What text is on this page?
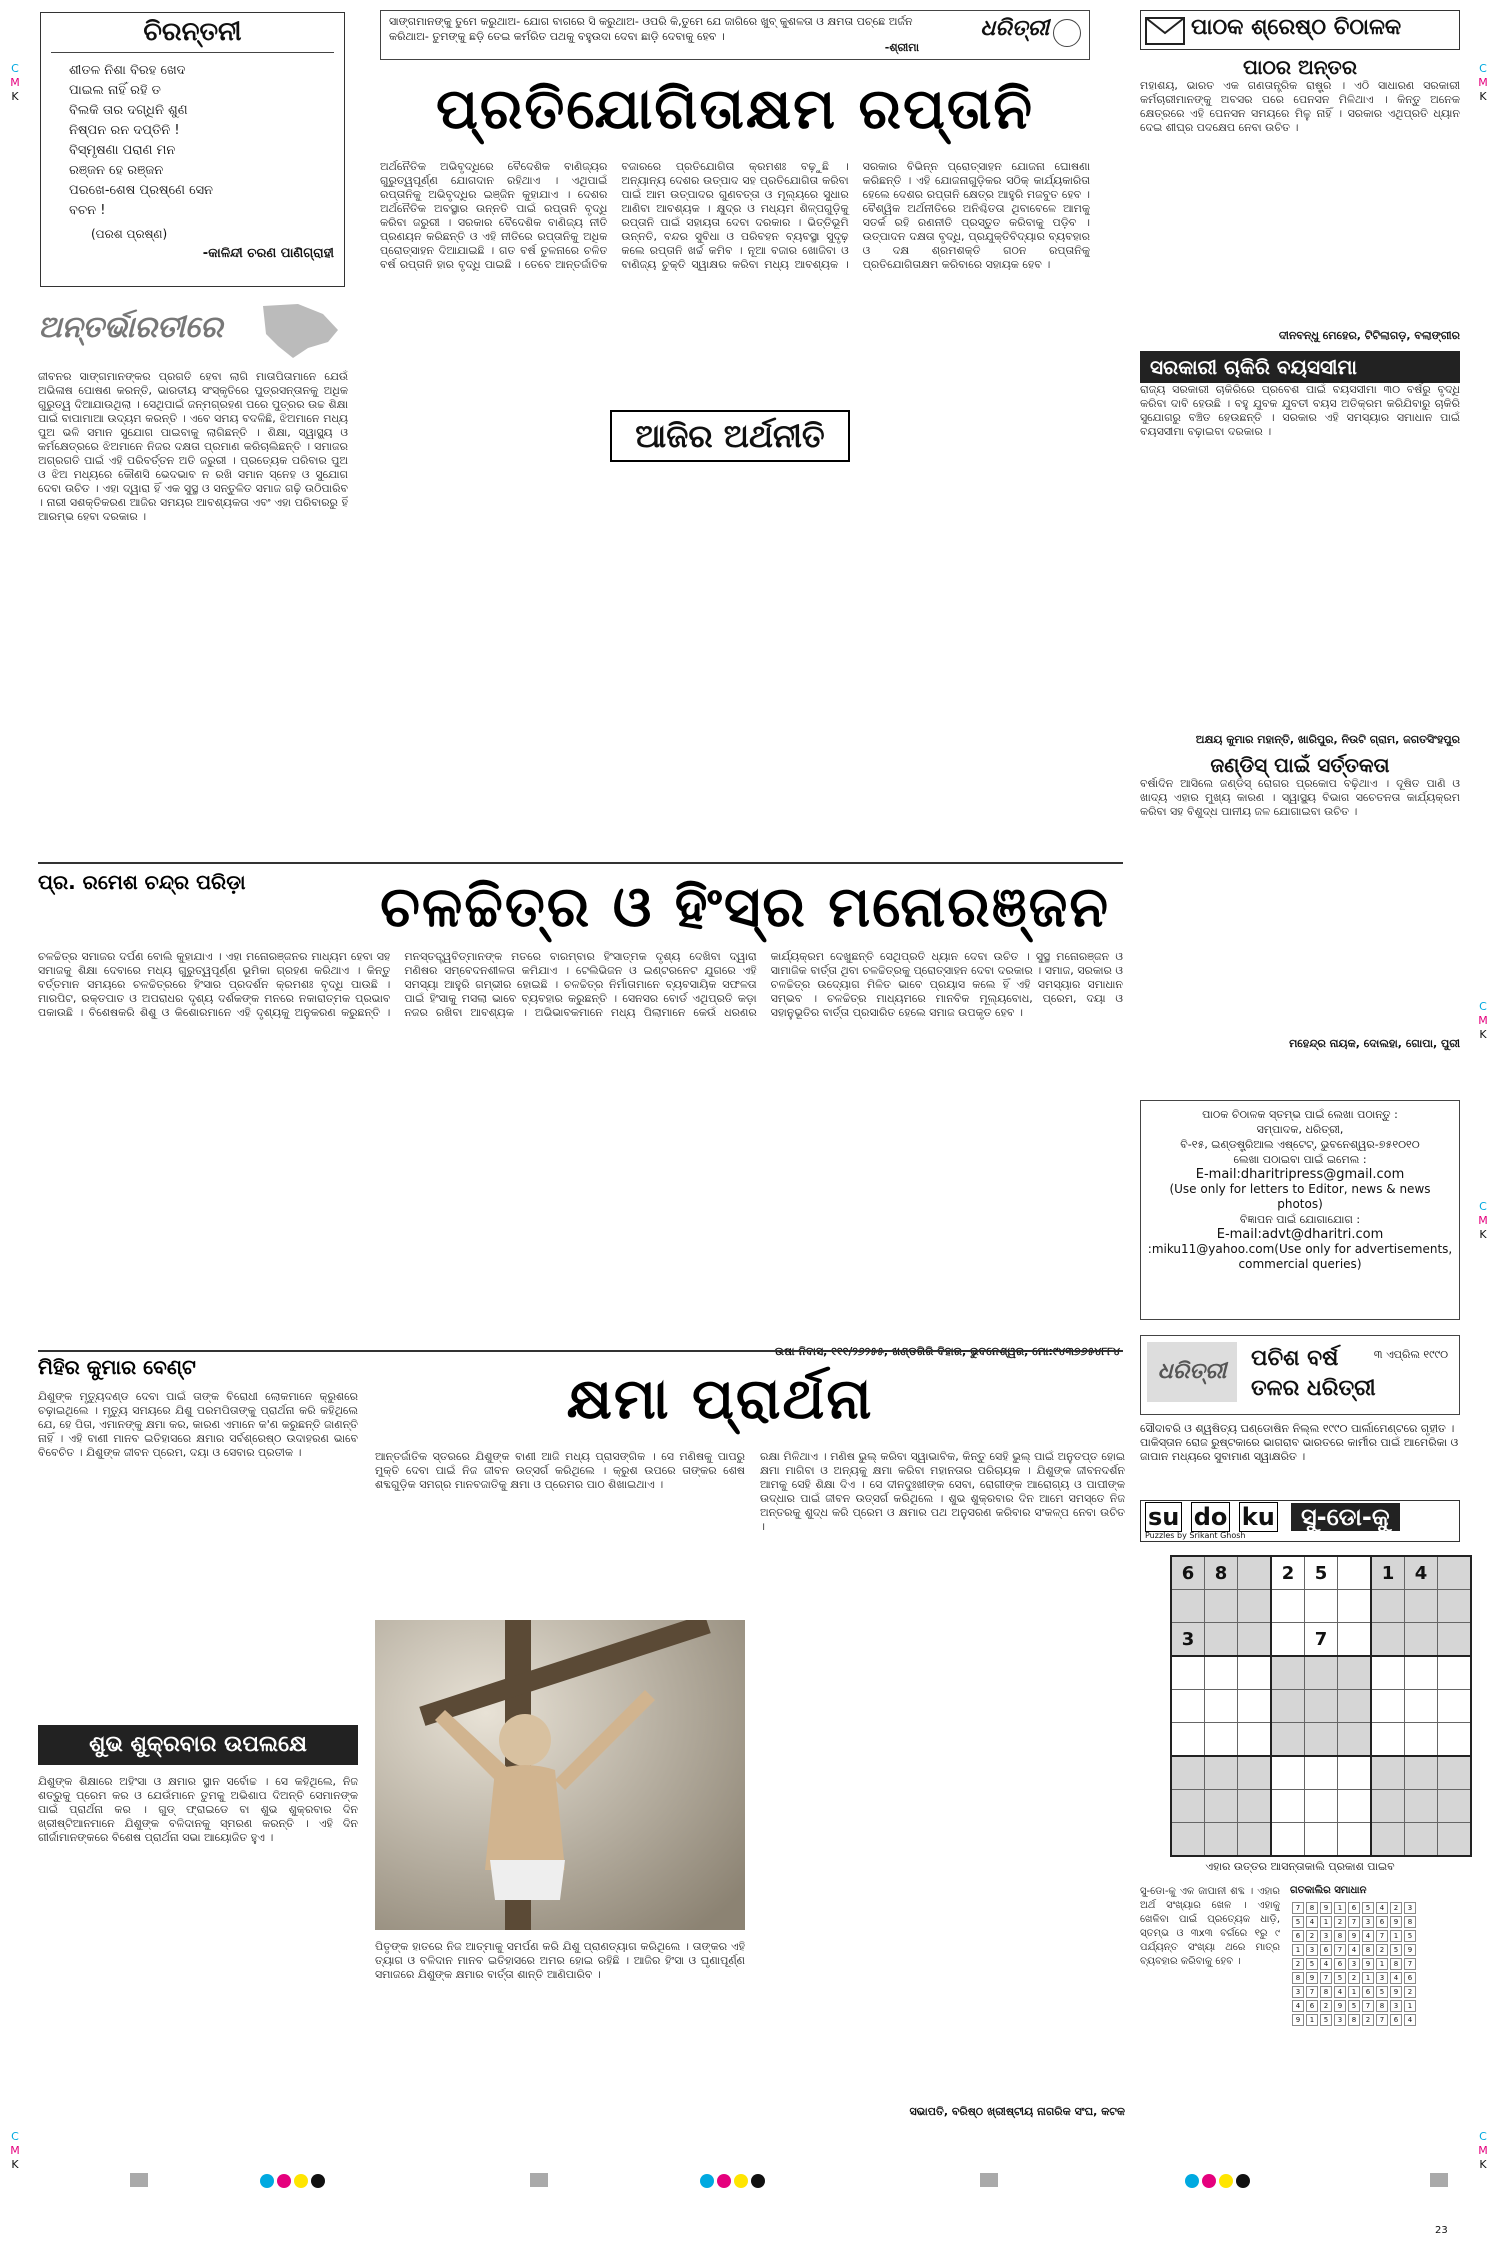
C
M
K
C
M
K
C
M
K
C
M
K
C
M
K
C
M
K
ଚିରନ୍ତନୀ
ଶୀତଳ ନିଶା ବିରହ ଖେଦ
ପାଇଲ ନାହିଁ ରହି ତ
ବିଲକି ତାର ଦଗ୍ଧିନି ଶୁଣ
ନିଷ୍ପନ ରନ ଦପ୍ତିନି !
ବିସ୍ମୃଷଣା ପରାଣ ମନ
ରଞ୍ଜନ ହେ ରଞ୍ଜନ
ପରଖେ-ଶେଷ ପ୍ରଷ୍ଣେ ସେନ
ବଚନ !
(ପରଶ ପ୍ରଷ୍ଣ)
-କାଳିନ୍ଦୀ ଚରଣ ପାଣିଗ୍ରାହୀ
ଅନ୍ତର୍ଭାରତୀରେ
ଜୀବନର ସାଙ୍ଗମାନଙ୍କର ପ୍ରଗତି ହେବା ଲାଗି ମାତାପିତାମାନେ ଯେଉଁ ଅଭିଳାଷ ପୋଷଣ କରନ୍ତି, ଭାରତୀୟ ସଂସ୍କୃତିରେ ପୁତ୍ରସନ୍ତାନକୁ ଅଧିକ ଗୁରୁତ୍ୱ ଦିଆଯାଉଥିଲା । ସେଥିପାଇଁ ଜନ୍ମଗ୍ରହଣ ପରେ ପୁତ୍ରର ଉଚ୍ଚ ଶିକ୍ଷା ପାଇଁ ବାପାମାଆ ଉଦ୍ୟମ କରନ୍ତି । ଏବେ ସମୟ ବଦଳିଛି, ଝିଅମାନେ ମଧ୍ୟ ପୁଅ ଭଳି ସମାନ ସୁଯୋଗ ପାଇବାକୁ ଲାଗିଛନ୍ତି । ଶିକ୍ଷା, ସ୍ୱାସ୍ଥ୍ୟ ଓ କର୍ମକ୍ଷେତ୍ରରେ ଝିଅମାନେ ନିଜର ଦକ୍ଷତା ପ୍ରମାଣ କରିଚାଲିଛନ୍ତି । ସମାଜର ଅଗ୍ରଗତି ପାଇଁ ଏହି ପରିବର୍ତ୍ତନ ଅତି ଜରୁରୀ । ପ୍ରତ୍ୟେକ ପରିବାର ପୁଅ ଓ ଝିଅ ମଧ୍ୟରେ କୌଣସି ଭେଦଭାବ ନ ରଖି ସମାନ ସ୍ନେହ ଓ ସୁଯୋଗ ଦେବା ଉଚିତ । ଏହା ଦ୍ୱାରା ହିଁ ଏକ ସୁସ୍ଥ ଓ ସନ୍ତୁଳିତ ସମାଜ ଗଢ଼ି ଉଠିପାରିବ । ନାରୀ ସଶକ୍ତିକରଣ ଆଜିର ସମୟର ଆବଶ୍ୟକତା ଏବଂ ଏହା ପରିବାରରୁ ହିଁ ଆରମ୍ଭ ହେବା ଦରକାର ।
ସାଙ୍ଗମାନଙ୍କୁ ତୁମେ କରୁଥାଅ- ଯୋଗ ବାଗରେ ସି କରୁଥାଅ- ଓପରି କି,ତୁମେ ଯେ ଜାଗିରେ ଖୁବ୍ କୁଶଳତା ଓ କ୍ଷମତା ପଚ୍ଛେ ଅର୍ଜନ କରିଥାଅ- ତୁମଙ୍କୁ ଛଡ଼ି ତେଇ କର୍ମରିତ ପଥକୁ ବହୁଉଦା ଦେବା ଛାଡ଼ି ଦେବାକୁ ହେବ ।
-ଶ୍ରୀମା
ଧରିତ୍ରୀ
ପ୍ରତିଯୋଗିତାକ୍ଷମ ରପ୍ତାନି
ଅର୍ଥନୈତିକ ଅଭିବୃଦ୍ଧିରେ ବୈଦେଶିକ ବାଣିଜ୍ୟର ଗୁରୁତ୍ୱପୂର୍ଣ୍ଣ ଯୋଗଦାନ ରହିଥାଏ । ଏଥିପାଇଁ ରପ୍ତାନିକୁ ଅଭିବୃଦ୍ଧିର ଇଞ୍ଜିନ କୁହାଯାଏ । ଦେଶର ଅର୍ଥନୈତିକ ଅବସ୍ଥାର ଉନ୍ନତି ପାଇଁ ରପ୍ତାନି ବୃଦ୍ଧି କରିବା ଜରୁରୀ । ସରକାର ବୈଦେଶିକ ବାଣିଜ୍ୟ ନୀତି ପ୍ରଣୟନ କରିଛନ୍ତି ଓ ଏହି ନୀତିରେ ରପ୍ତାନିକୁ ଅଧିକ ପ୍ରୋତ୍ସାହନ ଦିଆଯାଇଛି । ଗତ ବର୍ଷ ତୁଳନାରେ ଚଳିତ ବର୍ଷ ରପ୍ତାନି ହାର ବୃଦ୍ଧି ପାଇଛି । ତେବେ ଆନ୍ତର୍ଜାତିକ ବଜାରରେ ପ୍ରତିଯୋଗିତା କ୍ରମଶଃ ବଢ଼ୁଛି । ଅନ୍ୟାନ୍ୟ ଦେଶର ଉତ୍ପାଦ ସହ ପ୍ରତିଯୋଗିତା କରିବା ପାଇଁ ଆମ ଉତ୍ପାଦର ଗୁଣବତ୍ତା ଓ ମୂଲ୍ୟରେ ସୁଧାର ଆଣିବା ଆବଶ୍ୟକ । କ୍ଷୁଦ୍ର ଓ ମଧ୍ୟମ ଶିଳ୍ପଗୁଡ଼ିକୁ ରପ୍ତାନି ପାଇଁ ସହାୟତା ଦେବା ଦରକାର । ଭିତ୍ତିଭୂମି ଉନ୍ନତି, ବନ୍ଦର ସୁବିଧା ଓ ପରିବହନ ବ୍ୟବସ୍ଥା ସୁଦୃଢ଼ କଲେ ରପ୍ତାନି ଖର୍ଚ୍ଚ କମିବ । ନୂଆ ବଜାର ଖୋଜିବା ଓ ବାଣିଜ୍ୟ ଚୁକ୍ତି ସ୍ୱାକ୍ଷର କରିବା ମଧ୍ୟ ଆବଶ୍ୟକ । ସରକାର ବିଭିନ୍ନ ପ୍ରୋତ୍ସାହନ ଯୋଜନା ଘୋଷଣା କରିଛନ୍ତି । ଏହି ଯୋଜନାଗୁଡ଼ିକର ସଠିକ୍ କାର୍ଯ୍ୟକାରିତା ହେଲେ ଦେଶର ରପ୍ତାନି କ୍ଷେତ୍ର ଆହୁରି ମଜବୁତ ହେବ । ବୈଶ୍ୱିକ ଅର୍ଥନୀତିରେ ଅନିଶ୍ଚିତତା ଥିବାବେଳେ ଆମକୁ ସତର୍କ ରହି ରଣନୀତି ପ୍ରସ୍ତୁତ କରିବାକୁ ପଡ଼ିବ । ଉତ୍ପାଦନ ଦକ୍ଷତା ବୃଦ୍ଧି, ପ୍ରଯୁକ୍ତିବିଦ୍ୟାର ବ୍ୟବହାର ଓ ଦକ୍ଷ ଶ୍ରମଶକ୍ତି ଗଠନ ରପ୍ତାନିକୁ ପ୍ରତିଯୋଗିତାକ୍ଷମ କରିବାରେ ସହାୟକ ହେବ ।
ଆଜିର ଅର୍ଥନୀତି
ପାଠକ ଶ୍ରେଷ୍ଠ ଚିଠାଳକ
ପାଠର ଅନ୍ତର
ମହାଶୟ, ଭାରତ ଏକ ଗଣତାନ୍ତ୍ରିକ ରାଷ୍ଟ୍ର । ଏଠି ସାଧାରଣ ସରକାରୀ କର୍ମଚାରୀମାନଙ୍କୁ ଅବସର ପରେ ପେନସନ ମିଳିଥାଏ । କିନ୍ତୁ ଅନେକ କ୍ଷେତ୍ରରେ ଏହି ପେନସନ ସମୟରେ ମିଳୁ ନାହିଁ । ସରକାର ଏଥିପ୍ରତି ଧ୍ୟାନ ଦେଇ ଶୀଘ୍ର ପଦକ୍ଷେପ ନେବା ଉଚିତ ।
ଦୀନବନ୍ଧୁ ମେହେର, ଟିଟିଲାଗଡ଼, ବଲାଙ୍ଗୀର
ସରକାରୀ ଚାକିରି ବୟସସୀମା
ରାଜ୍ୟ ସରକାରୀ ଚାକିରିରେ ପ୍ରବେଶ ପାଇଁ ବୟସସୀମା ୩୦ ବର୍ଷରୁ ବୃଦ୍ଧି କରିବା ଦାବି ହେଉଛି । ବହୁ ଯୁବକ ଯୁବତୀ ବୟସ ଅତିକ୍ରମ କରିଯିବାରୁ ଚାକିରି ସୁଯୋଗରୁ ବଞ୍ଚିତ ହେଉଛନ୍ତି । ସରକାର ଏହି ସମସ୍ୟାର ସମାଧାନ ପାଇଁ ବୟସସୀମା ବଢ଼ାଇବା ଦରକାର ।
ଅକ୍ଷୟ କୁମାର ମହାନ୍ତି, ଖାରିପୁର, ନିଉଟି ଗ୍ରାମ, ଜଗତସିଂହପୁର
ଜଣ୍ଡିସ୍ ପାଇଁ ସର୍ତ୍ତକତା
ବର୍ଷାଦିନ ଆସିଲେ ଜଣ୍ଡିସ୍ ରୋଗର ପ୍ରକୋପ ବଢ଼ିଥାଏ । ଦୂଷିତ ପାଣି ଓ ଖାଦ୍ୟ ଏହାର ମୁଖ୍ୟ କାରଣ । ସ୍ୱାସ୍ଥ୍ୟ ବିଭାଗ ସଚେତନତା କାର୍ଯ୍ୟକ୍ରମ କରିବା ସହ ବିଶୁଦ୍ଧ ପାନୀୟ ଜଳ ଯୋଗାଇବା ଉଚିତ ।
ମହେନ୍ଦ୍ର ନାୟକ, ଦୋଲହା, ଗୋପା, ପୁରୀ
ପାଠକ ଚିଠାଳକ ସ୍ତମ୍ଭ ପାଇଁ ଲେଖା ପଠାନ୍ତୁ :
ସମ୍ପାଦକ, ଧରିତ୍ରୀ,
ବି-୧୫, ଇଣ୍ଡଷ୍ଟ୍ରିଆଲ ଏଷ୍ଟେଟ୍, ଭୁବନେଶ୍ୱର-୭୫୧୦୧୦
ଲେଖା ପଠାଇବା ପାଇଁ ଇମେଲ :
E-mail:dharitripress@gmail.com
(Use only for letters to Editor, news & news photos)
ବିଜ୍ଞାପନ ପାଇଁ ଯୋଗାଯୋଗ :
E-mail:advt@dharitri.com
:miku11@yahoo.com(Use only for advertisements, commercial queries)
ପ୍ର. ରମେଶ ଚନ୍ଦ୍ର ପରିଡ଼ା	ଚଳଚ୍ଚିତ୍ର ଓ ହିଂସ୍ର ମନୋରଞ୍ଜନ
ଚଳଚ୍ଚିତ୍ର ସମାଜର ଦର୍ପଣ ବୋଲି କୁହାଯାଏ । ଏହା ମନୋରଞ୍ଜନର ମାଧ୍ୟମ ହେବା ସହ ସମାଜକୁ ଶିକ୍ଷା ଦେବାରେ ମଧ୍ୟ ଗୁରୁତ୍ୱପୂର୍ଣ୍ଣ ଭୂମିକା ଗ୍ରହଣ କରିଥାଏ । କିନ୍ତୁ ବର୍ତ୍ତମାନ ସମୟରେ ଚଳଚ୍ଚିତ୍ରରେ ହିଂସାର ପ୍ରଦର୍ଶନ କ୍ରମଶଃ ବୃଦ୍ଧି ପାଉଛି । ମାରପିଟ, ରକ୍ତପାତ ଓ ଅପରାଧର ଦୃଶ୍ୟ ଦର୍ଶକଙ୍କ ମନରେ ନକାରାତ୍ମକ ପ୍ରଭାବ ପକାଉଛି । ବିଶେଷକରି ଶିଶୁ ଓ କିଶୋରମାନେ ଏହି ଦୃଶ୍ୟକୁ ଅନୁକରଣ କରୁଛନ୍ତି । ମନସ୍ତତ୍ତ୍ୱବିତ୍ମାନଙ୍କ ମତରେ ବାରମ୍ବାର ହିଂସାତ୍ମକ ଦୃଶ୍ୟ ଦେଖିବା ଦ୍ୱାରା ମଣିଷର ସମ୍ବେଦନଶୀଳତା କମିଯାଏ । ଟେଲିଭିଜନ ଓ ଇଣ୍ଟରନେଟ ଯୁଗରେ ଏହି ସମସ୍ୟା ଆହୁରି ଗମ୍ଭୀର ହୋଇଛି । ଚଳଚ୍ଚିତ୍ର ନିର୍ମାତାମାନେ ବ୍ୟବସାୟିକ ସଫଳତା ପାଇଁ ହିଂସାକୁ ମସଲା ଭାବେ ବ୍ୟବହାର କରୁଛନ୍ତି । ସେନସର ବୋର୍ଡ ଏଥିପ୍ରତି କଡ଼ା ନଜର ରଖିବା ଆବଶ୍ୟକ । ଅଭିଭାବକମାନେ ମଧ୍ୟ ପିଲାମାନେ କେଉଁ ଧରଣର କାର୍ଯ୍ୟକ୍ରମ ଦେଖୁଛନ୍ତି ସେଥିପ୍ରତି ଧ୍ୟାନ ଦେବା ଉଚିତ । ସୁସ୍ଥ ମନୋରଞ୍ଜନ ଓ ସାମାଜିକ ବାର୍ତ୍ତା ଥିବା ଚଳଚ୍ଚିତ୍ରକୁ ପ୍ରୋତ୍ସାହନ ଦେବା ଦରକାର । ସମାଜ, ସରକାର ଓ ଚଳଚ୍ଚିତ୍ର ଉଦ୍ୟୋଗ ମିଳିତ ଭାବେ ପ୍ରୟାସ କଲେ ହିଁ ଏହି ସମସ୍ୟାର ସମାଧାନ ସମ୍ଭବ । ଚଳଚ୍ଚିତ୍ର ମାଧ୍ୟମରେ ମାନବିକ ମୂଲ୍ୟବୋଧ, ପ୍ରେମ, ଦୟା ଓ ସହାନୁଭୂତିର ବାର୍ତ୍ତା ପ୍ରସାରିତ ହେଲେ ସମାଜ ଉପକୃତ ହେବ ।
ଧରିତ୍ରୀ
ପଚିଶ ବର୍ଷ
ତଳର ଧରିତ୍ରୀ
୩ ଏପ୍ରିଲ ୧୯୯୦
ସୌଦାବରି ଓ ଶ୍ୱଷିତ୍ୟ ଘଣ୍ଡୋଷିନ ନିଲ୍ଲ ୧୯୯୦ ପାର୍ଲାମେଣ୍ଟରେ ଗୃହୀତ ।
ପାକିସ୍ତାନ ରୋଜ ରୁଷ୍ଟକାରେ ଭାଗରାବ ଭାରତରେ କାର୍ମୀର ପାଇଁ ଆମେରିକା ଓ ଜାପାନ ମଧ୍ୟରେ ସୁବାମାଣ ସ୍ୱାକ୍ଷରିତ ।
su do ku
Puzzles by Srikant Ghosh
ସୁ-ଡୋ-କୁ
6	8		2	5		1	4	

3				7				

ଏହାର ଉତ୍ତର ଆସନ୍ତାକାଲି ପ୍ରକାଶ ପାଇବ
ସୁ-ଡୋ-କୁ ଏକ ଜାପାନୀ ଶବ୍ଦ । ଏହାର ଅର୍ଥ ସଂଖ୍ୟାର ଖେଳ । ଏହାକୁ ଖେଳିବା ପାଇଁ ପ୍ରତ୍ୟେକ ଧାଡ଼ି, ସ୍ତମ୍ଭ ଓ ୩x୩ ବର୍ଗରେ ୧ରୁ ୯ ପର୍ଯ୍ୟନ୍ତ ସଂଖ୍ୟା ଥରେ ମାତ୍ର ବ୍ୟବହାର କରିବାକୁ ହେବ ।
ଗତକାଲିର ସମାଧାନ
7	8	9	1	6	5	4	2	3
5	4	1	2	7	3	6	9	8
6	2	3	8	9	4	7	1	5
1	3	6	7	4	8	2	5	9
2	5	4	6	3	9	1	8	7
8	9	7	5	2	1	3	4	6
3	7	8	4	1	6	5	9	2
4	6	2	9	5	7	8	3	1
9	1	5	3	8	2	7	6	4
ମିହିର କୁମାର ବେଣ୍ଟ	କ୍ଷମା ପ୍ରାର୍ଥନା
ଯିଶୁଙ୍କ ମୃତ୍ୟୁଦଣ୍ଡ ଦେବା ପାଇଁ ତାଙ୍କ ବିରୋଧୀ ଲୋକମାନେ କ୍ରୁଶରେ ଚଢ଼ାଇଥିଲେ । ମୃତ୍ୟୁ ସମୟରେ ଯିଶୁ ପରମପିତାଙ୍କୁ ପ୍ରାର୍ଥନା କରି କହିଥିଲେ ଯେ, ହେ ପିତା, ଏମାନଙ୍କୁ କ୍ଷମା କର, କାରଣ ଏମାନେ କ'ଣ କରୁଛନ୍ତି ଜାଣନ୍ତି ନାହିଁ । ଏହି ବାଣୀ ମାନବ ଇତିହାସରେ କ୍ଷମାର ସର୍ବଶ୍ରେଷ୍ଠ ଉଦାହରଣ ଭାବେ ବିବେଚିତ । ଯିଶୁଙ୍କ ଜୀବନ ପ୍ରେମ, ଦୟା ଓ ସେବାର ପ୍ରତୀକ ।
ଶୁଭ ଶୁକ୍ରବାର ଉପଲକ୍ଷେ
ଯିଶୁଙ୍କ ଶିକ୍ଷାରେ ଅହିଂସା ଓ କ୍ଷମାର ସ୍ଥାନ ସର୍ବୋଚ୍ଚ । ସେ କହିଥିଲେ, ନିଜ ଶତ୍ରୁକୁ ପ୍ରେମ କର ଓ ଯେଉଁମାନେ ତୁମକୁ ଅଭିଶାପ ଦିଅନ୍ତି ସେମାନଙ୍କ ପାଇଁ ପ୍ରାର୍ଥନା କର । ଗୁଡ୍ ଫ୍ରାଇଡେ ବା ଶୁଭ ଶୁକ୍ରବାର ଦିନ ଖ୍ରୀଷ୍ଟିଆନମାନେ ଯିଶୁଙ୍କ ବଳିଦାନକୁ ସ୍ମରଣ କରନ୍ତି । ଏହି ଦିନ ଗୀର୍ଜାମାନଙ୍କରେ ବିଶେଷ ପ୍ରାର୍ଥନା ସଭା ଆୟୋଜିତ ହୁଏ ।
ଆନ୍ତର୍ଜାତିକ ସ୍ତରରେ ଯିଶୁଙ୍କ ବାଣୀ ଆଜି ମଧ୍ୟ ପ୍ରାସଙ୍ଗିକ । ସେ ମଣିଷକୁ ପାପରୁ ମୁକ୍ତି ଦେବା ପାଇଁ ନିଜ ଜୀବନ ଉତ୍ସର୍ଗ କରିଥିଲେ । କ୍ରୁଶ ଉପରେ ତାଙ୍କର ଶେଷ ଶବ୍ଦଗୁଡ଼ିକ ସମଗ୍ର ମାନବଜାତିକୁ କ୍ଷମା ଓ ପ୍ରେମର ପାଠ ଶିଖାଇଥାଏ ।
ପିତୃଙ୍କ ହାତରେ ନିଜ ଆତ୍ମାକୁ ସମର୍ପଣ କରି ଯିଶୁ ପ୍ରାଣତ୍ୟାଗ କରିଥିଲେ । ତାଙ୍କର ଏହି ତ୍ୟାଗ ଓ ବଳିଦାନ ମାନବ ଇତିହାସରେ ଅମର ହୋଇ ରହିଛି । ଆଜିର ହିଂସା ଓ ଘୃଣାପୂର୍ଣ୍ଣ ସମାଜରେ ଯିଶୁଙ୍କ କ୍ଷମାର ବାର୍ତ୍ତା ଶାନ୍ତି ଆଣିପାରିବ ।
ରକ୍ଷା ମିଳିଥାଏ । ମଣିଷ ଭୁଲ୍ କରିବା ସ୍ୱାଭାବିକ, କିନ୍ତୁ ସେହି ଭୁଲ୍ ପାଇଁ ଅନୁତପ୍ତ ହୋଇ କ୍ଷମା ମାଗିବା ଓ ଅନ୍ୟକୁ କ୍ଷମା କରିବା ମହାନତାର ପରିଚାୟକ । ଯିଶୁଙ୍କ ଜୀବନଦର୍ଶନ ଆମକୁ ସେହି ଶିକ୍ଷା ଦିଏ । ସେ ଦୀନଦୁଃଖୀଙ୍କ ସେବା, ରୋଗୀଙ୍କ ଆରୋଗ୍ୟ ଓ ପାପୀଙ୍କ ଉଦ୍ଧାର ପାଇଁ ଜୀବନ ଉତ୍ସର୍ଗ କରିଥିଲେ । ଶୁଭ ଶୁକ୍ରବାର ଦିନ ଆମେ ସମସ୍ତେ ନିଜ ଅନ୍ତରକୁ ଶୁଦ୍ଧ କରି ପ୍ରେମ ଓ କ୍ଷମାର ପଥ ଅନୁସରଣ କରିବାର ସଂକଳ୍ପ ନେବା ଉଚିତ ।
ସଭାପତି, ବରିଷ୍ଠ ଖ୍ରୀଷ୍ଟୀୟ ନାଗରିକ ସଂଘ, କଟକ
23
